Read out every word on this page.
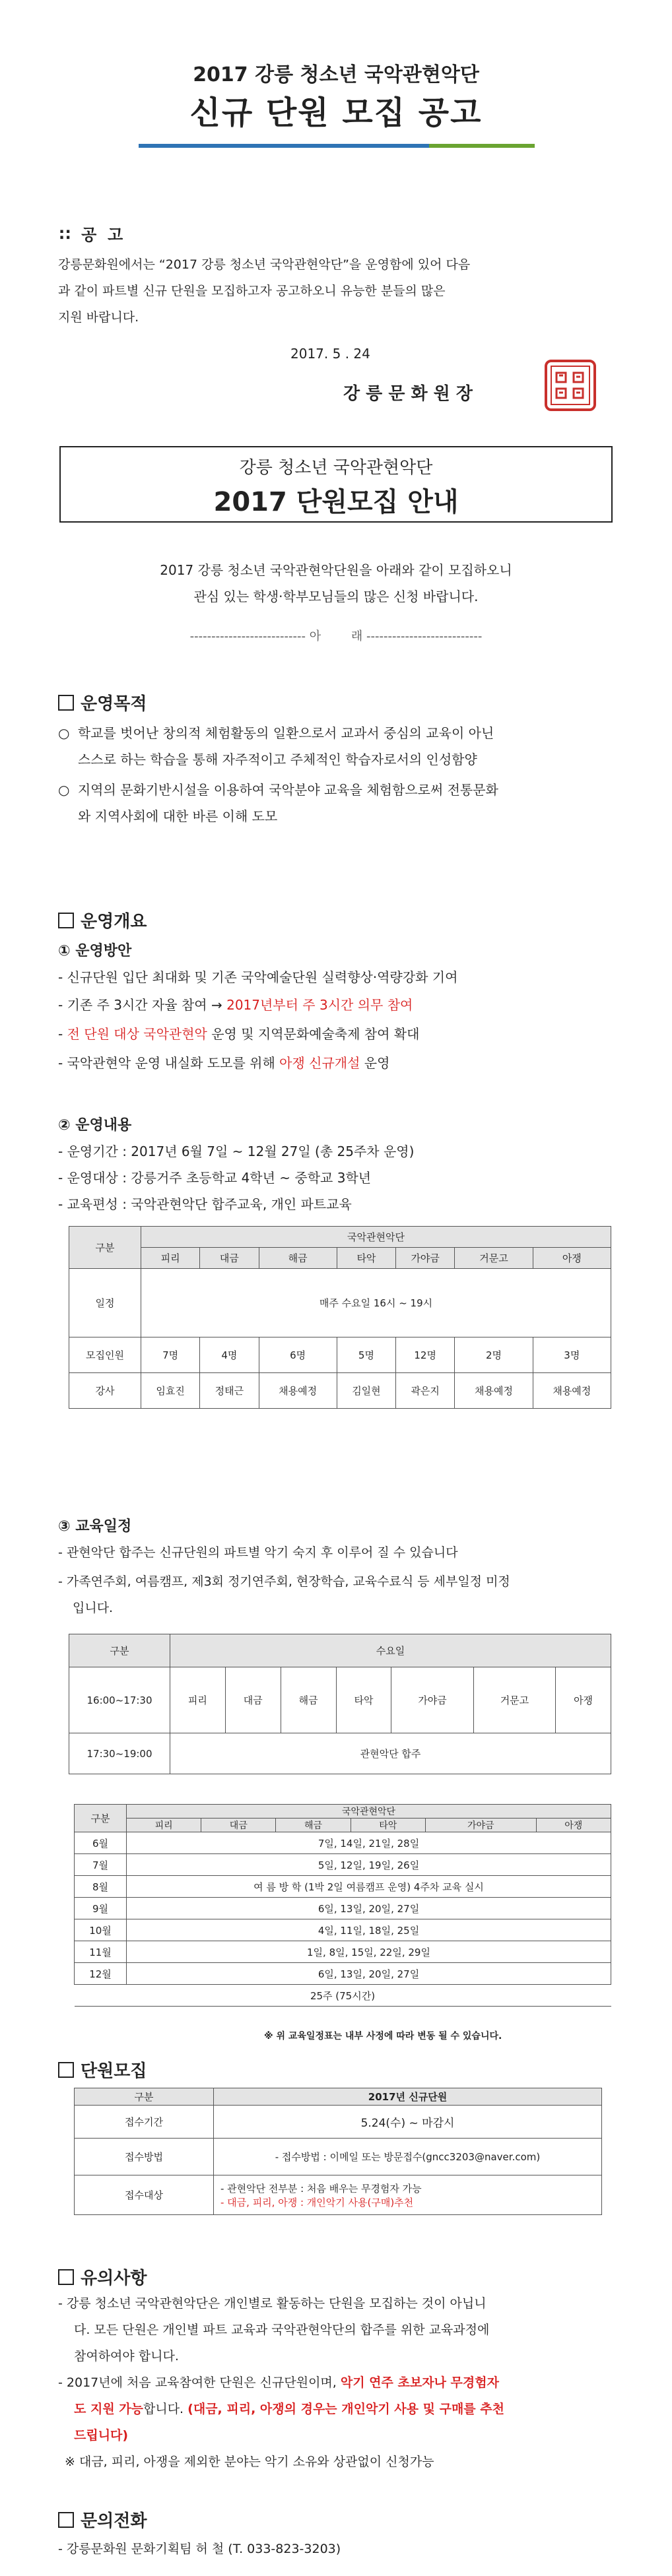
2017 강릉 청소년 국악관현악단
신규 단원 모집 공고
∷ 공  고
강릉문화원에서는 “2017 강릉 청소년 국악관현악단”을 운영함에 있어 다음
과 같이 파트별 신규 단원을 모집하고자 공고하오니 유능한 분들의 많은
지원 바랍니다.
2017. 5 . 24
강 릉 문 화 원 장
강릉 청소년 국악관현악단
2017 단원모집 안내
2017 강릉 청소년 국악관현악단원을 아래와 같이 모집하오니
관심 있는 학생·학부모님들의 많은 신청 바랍니다.
--------------------------- 아        래 ---------------------------
운영목적
○ 학교를 벗어난 창의적 체험활동의 일환으로서 교과서 중심의 교육이 아닌
스스로 하는 학습을 통해 자주적이고 주체적인 학습자로서의 인성함양
○ 지역의 문화기반시설을 이용하여 국악분야 교육을 체험함으로써 전통문화
와 지역사회에 대한 바른 이해 도모
운영개요
① 운영방안
- 신규단원 입단 최대화 및 기존 국악예술단원 실력향상·역량강화 기여
- 기존 주 3시간 자율 참여 → 2017년부터 주 3시간 의무 참여
- 전 단원 대상 국악관현악 운영 및 지역문화예술축제 참여 확대
- 국악관현악 운영 내실화 도모를 위해 아쟁 신규개설 운영
② 운영내용
- 운영기간 : 2017년 6월 7일 ~ 12월 27일 (총 25주차 운영)
- 운영대상 : 강릉거주 초등학교 4학년 ~ 중학교 3학년
- 교육편성 : 국악관현악단 합주교육, 개인 파트교육
구분	국악관현악단						
	피리	대금	해금	타악	가야금	거문고	아쟁
일정	매주 수요일 16시 ~ 19시						
모집인원	7명	4명	6명	5명	12명	2명	3명
강사	임효진	정태근	채용예정	김일현	곽은지	채용예정	채용예정
③ 교육일정
- 관현악단 합주는 신규단원의 파트별 악기 숙지 후 이루어 질 수 있습니다
- 가족연주회, 여름캠프, 제3회 정기연주회, 현장학습, 교육수료식 등 세부일정 미정
입니다.
구분	수요일						
16:00~17:30	피리	대금	해금	타악	가야금	거문고	아쟁
17:30~19:00	관현악단 합주						
구분	국악관현악단					
	피리	대금	해금	타악	가야금	아쟁
6월	7일, 14일, 21일, 28일					
7월	5일, 12일, 19일, 26일					
8월	여 름 방 학 (1박 2일 여름캠프 운영) 4주차 교육 실시					
9월	6일, 13일, 20일, 27일					
10월	4일, 11일, 18일, 25일					
11월	1일, 8일, 15일, 22일, 29일					
12월	6일, 13일, 20일, 27일					
25주 (75시간)						
※ 위 교육일정표는 내부 사정에 따라 변동 될 수 있습니다.
단원모집
구분	2017년 신규단원
접수기간	5.24(수) ~ 마감시
접수방법	- 접수방법 : 이메일 또는 방문접수(gncc3203@naver.com)
접수대상	- 관현악단 전부분 : 처음 배우는 무경험자 가능
- 대금, 피리, 아쟁 : 개인악기 사용(구매)추천
유의사항
- 강릉 청소년 국악관현악단은 개인별로 활동하는 단원을 모집하는 것이 아닙니
다. 모든 단원은 개인별 파트 교육과 국악관현악단의 합주를 위한 교육과정에
참여하여야 합니다.
- 2017년에 처음 교육참여한 단원은 신규단원이며, 악기 연주 초보자나 무경험자
도 지원 가능합니다. (대금, 피리, 아쟁의 경우는 개인악기 사용 및 구매를 추천
드립니다)
※ 대금, 피리, 아쟁을 제외한 분야는 악기 소유와 상관없이 신청가능
문의전화
- 강릉문화원 문화기획팀 허 철 (T. 033-823-3203)
